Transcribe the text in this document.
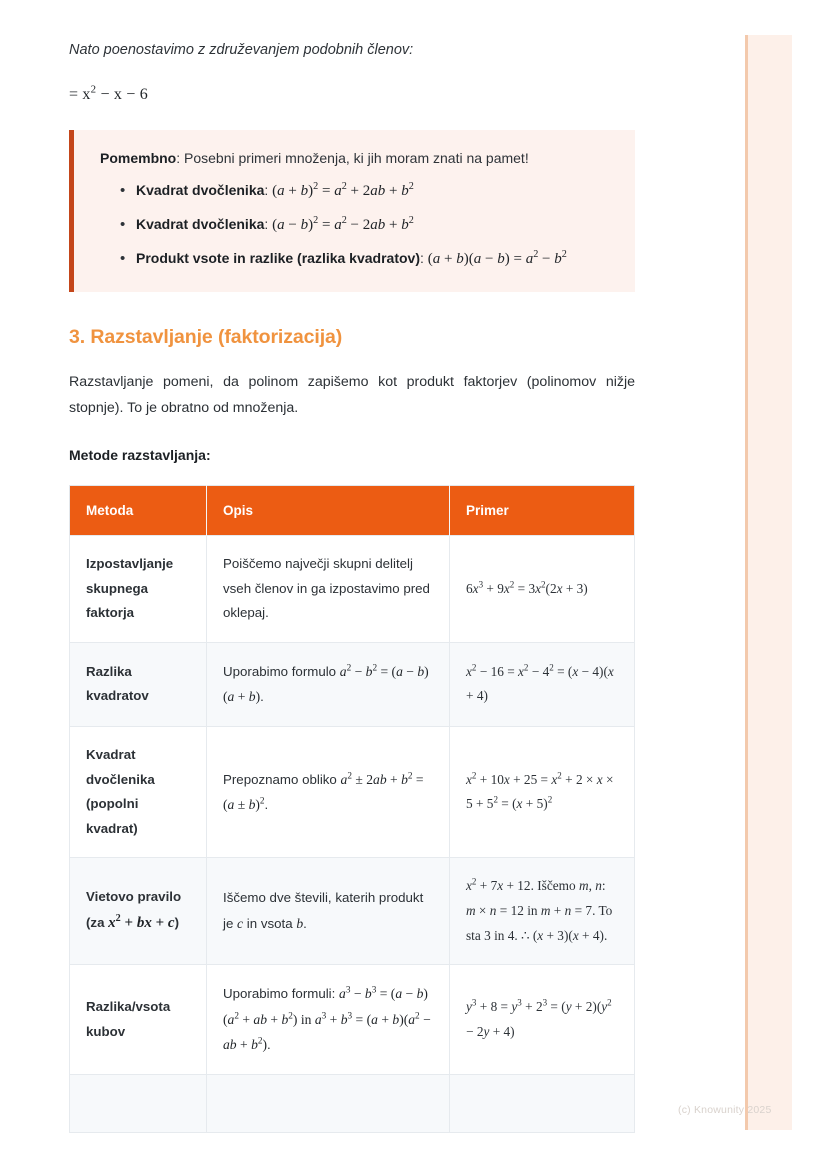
Nato poenostavimo z združevanjem podobnih členov:

= $x^2 - x - 6$

Pomembno: Posebni primeri množenja, ki jih moram znati na pamet!

• Kvadrat dvočlenika: $(a + b)^2 = a^2 + 2ab + b^2$
• Kvadrat dvočlenika: $(a - b)^2 = a^2 - 2ab + b^2$
• Produkt vsote in razlike (razlika kvadratov): $(a + b)(a - b) = a^2 - b^2$
3. Razstavljanje (faktorizacija)

Razstavljanje pomeni, da polinom zapišemo kot produkt faktorjev (polinomov nižje stopnje). To je obratno od množenja.

Metode razstavljanja:

Metoda	Opis	Primer
Izpostavljanje skupnega faktorja	Poiščemo največji skupni delitelj vseh členov in ga izpostavimo pred oklepaj.	$6x^3 + 9x^2 = 3x^2(2x + 3)$
Razlika kvadratov	Uporabimo formulo $a^2 - b^2 = (a - b)(a + b)$.	$x^2 - 16 = x^2 - 4^2 = (x - 4)(x + 4)$
Kvadrat dvočlenika (popolni kvadrat)	Prepoznamo obliko $a^2 \pm 2ab + b^2 = (a \pm b)^2$.	$x^2 + 10x + 25 = x^2 + 2 \times x \times 5 + 5^2 = (x + 5)^2$
Vietovo pravilo (za $x^2$ + bx + c)	Iščemo dve števili, katerih produkt je c in vsota b.	$x^2 + 7x + 12$. Iščemo m, n: m × n = 12 in m + n = 7. To sta 3 in 4. ∴ (x + 3)(x + 4).
Razlika/vsota kubov	Uporabimo formuli: $a^3 - b^3 = (a - b)(a^2$ + ab + $b^2$) in $a^3 + b^3 = (a + b)(a^2$ − ab + $b^2$).	$y^3 + 8 = y^3 + 2^3 = (y + 2)(y^2 - 2y + 4)$

(c) Knowunity 2025
